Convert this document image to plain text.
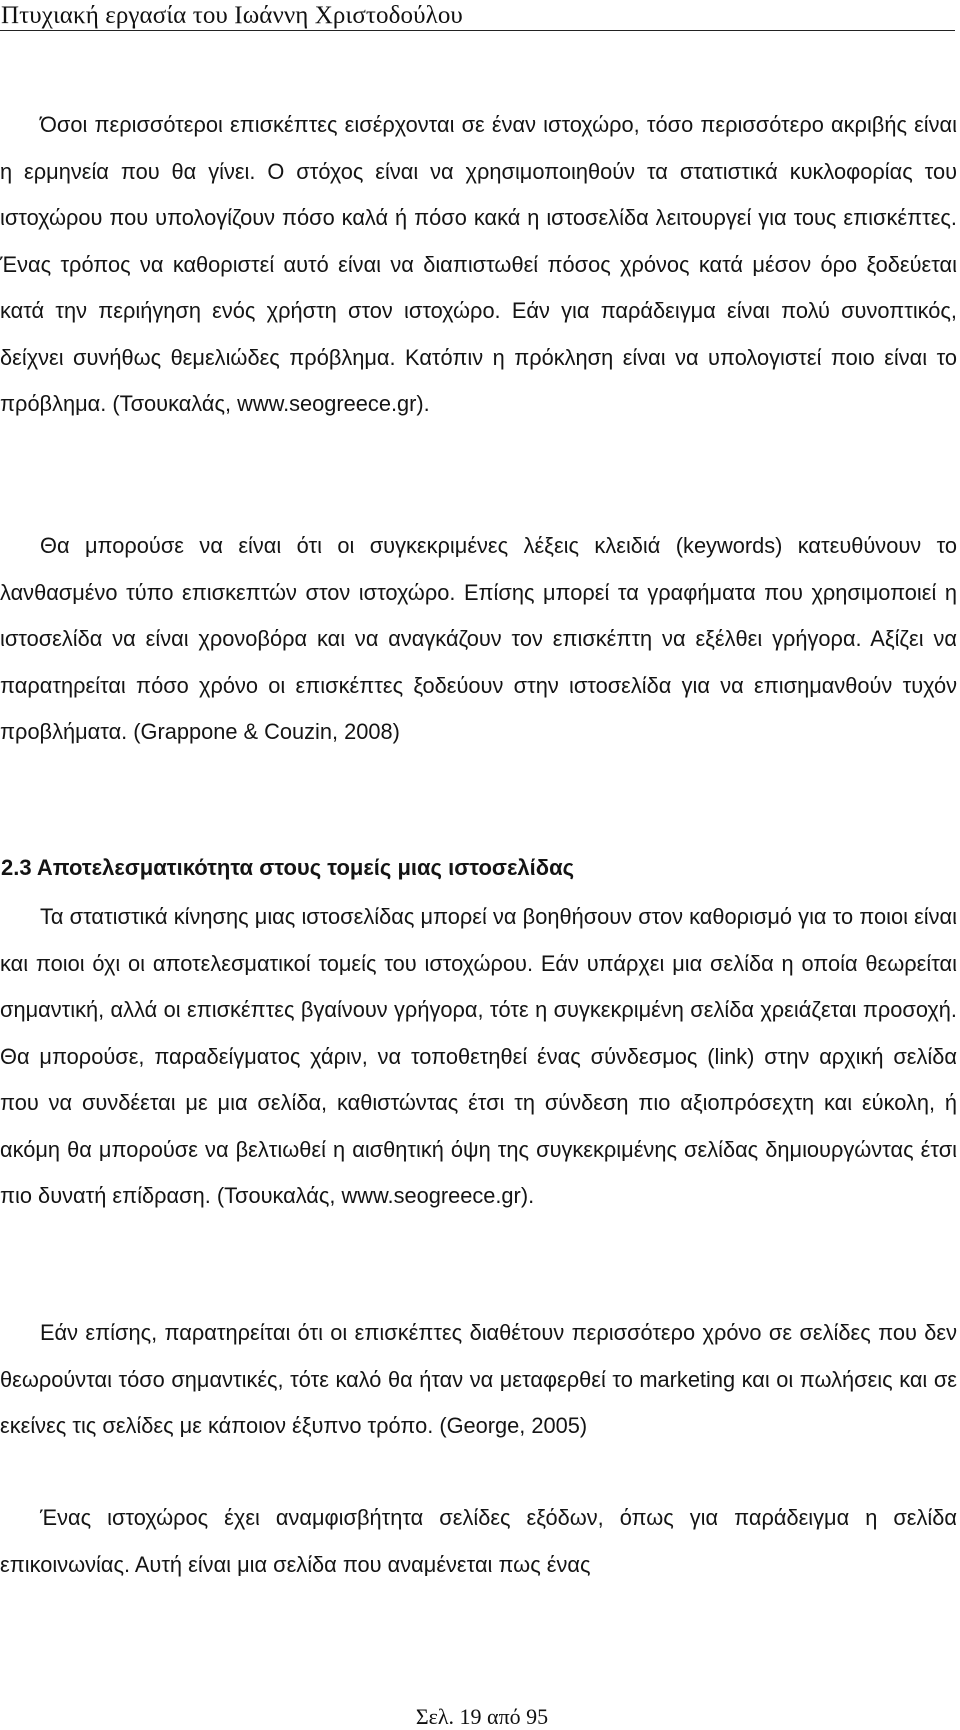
Πτυχιακή εργασία του Ιωάννη Χριστοδούλου

Όσοι περισσότεροι επισκέπτες εισέρχονται σε έναν ιστοχώρο, τόσο περισσότερο ακριβής είναι η ερμηνεία που θα γίνει. Ο στόχος είναι να χρησιμοποιηθούν τα στατιστικά κυκλοφορίας του ιστοχώρου που υπολογίζουν πόσο καλά ή πόσο κακά η ιστοσελίδα λειτουργεί για τους επισκέπτες. Ένας τρόπος να καθοριστεί αυτό είναι να διαπιστωθεί πόσος χρόνος κατά μέσον όρο ξοδεύεται κατά την περιήγηση ενός χρήστη στον ιστοχώρο. Εάν για παράδειγμα είναι πολύ συνοπτικός, δείχνει συνήθως θεμελιώδες πρόβλημα. Κατόπιν η πρόκληση είναι να υπολογιστεί ποιο είναι το πρόβλημα. (Τσουκαλάς, www.seogreece.gr).

Θα μπορούσε να είναι ότι οι συγκεκριμένες λέξεις κλειδιά (keywords) κατευθύνουν το λανθασμένο τύπο επισκεπτών στον ιστοχώρο. Επίσης μπορεί τα γραφήματα που χρησιμοποιεί η ιστοσελίδα να είναι χρονοβόρα και να αναγκάζουν τον επισκέπτη να εξέλθει γρήγορα. Αξίζει να παρατηρείται πόσο χρόνο οι επισκέπτες ξοδεύουν στην ιστοσελίδα για να επισημανθούν τυχόν προβλήματα. (Grappone & Couzin, 2008)

2.3 Αποτελεσματικότητα στους τομείς μιας ιστοσελίδας

Τα στατιστικά κίνησης μιας ιστοσελίδας μπορεί να βοηθήσουν στον καθορισμό για το ποιοι είναι και ποιοι όχι οι αποτελεσματικοί τομείς του ιστοχώρου. Εάν υπάρχει μια σελίδα η οποία θεωρείται σημαντική, αλλά οι επισκέπτες βγαίνουν γρήγορα, τότε η συγκεκριμένη σελίδα χρειάζεται προσοχή. Θα μπορούσε, παραδείγματος χάριν, να τοποθετηθεί ένας σύνδεσμος (link) στην αρχική σελίδα που να συνδέεται με μια σελίδα, καθιστώντας έτσι τη σύνδεση πιο αξιοπρόσεχτη και εύκολη, ή ακόμη θα μπορούσε να βελτιωθεί η αισθητική όψη της συγκεκριμένης σελίδας δημιουργώντας έτσι πιο δυνατή επίδραση. (Τσουκαλάς, www.seogreece.gr).

Εάν επίσης, παρατηρείται ότι οι επισκέπτες διαθέτουν περισσότερο χρόνο σε σελίδες που δεν θεωρούνται τόσο σημαντικές, τότε καλό θα ήταν να μεταφερθεί το marketing και οι πωλήσεις και σε εκείνες τις σελίδες με κάποιον έξυπνο τρόπο. (George, 2005)

Ένας ιστοχώρος έχει αναμφισβήτητα σελίδες εξόδων, όπως για παράδειγμα η σελίδα επικοινωνίας. Αυτή είναι μια σελίδα που αναμένεται πως ένας

Σελ. 19 από 95
